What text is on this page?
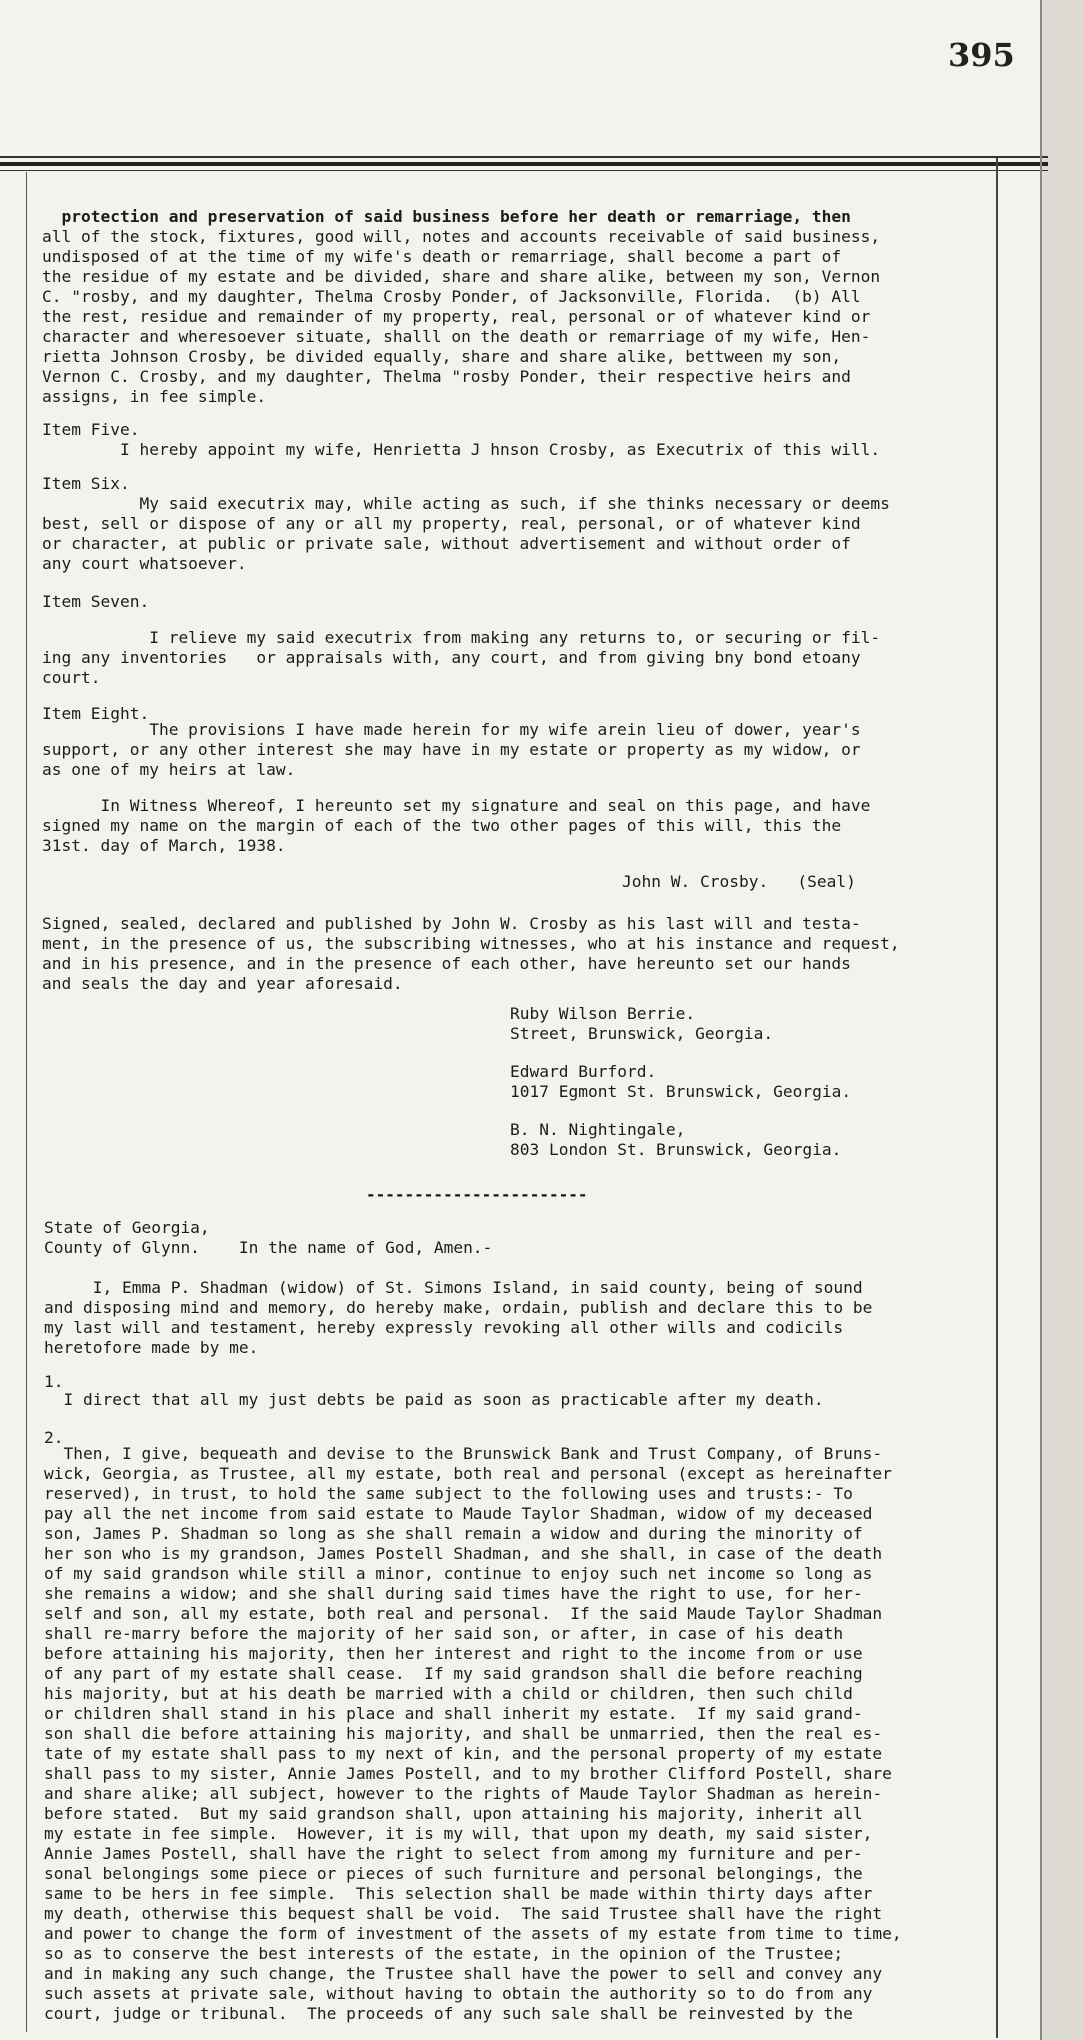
395
protection and preservation of said business before her death or remarriage, then
all of the stock, fixtures, good will, notes and accounts receivable of said business,
undisposed of at the time of my wife's death or remarriage, shall become a part of
the residue of my estate and be divided, share and share alike, between my son, Vernon
C. "rosby, and my daughter, Thelma Crosby Ponder, of Jacksonville, Florida.  (b) All
the rest, residue and remainder of my property, real, personal or of whatever kind or
character and wheresoever situate, shalll on the death or remarriage of my wife, Hen-
rietta Johnson Crosby, be divided equally, share and share alike, bettween my son,
Vernon C. Crosby, and my daughter, Thelma "rosby Ponder, their respective heirs and
assigns, in fee simple.
Item Five.
I hereby appoint my wife, Henrietta J hnson Crosby, as Executrix of this will.
Item Six.
My said executrix may, while acting as such, if she thinks necessary or deems
best, sell or dispose of any or all my property, real, personal, or of whatever kind
or character, at public or private sale, without advertisement and without order of
any court whatsoever.
Item Seven.
I relieve my said executrix from making any returns to, or securing or fil-
ing any inventories   or appraisals with, any court, and from giving bny bond etoany
court.
Item Eight.
The provisions I have made herein for my wife arein lieu of dower, year's
support, or any other interest she may have in my estate or property as my widow, or
as one of my heirs at law.
In Witness Whereof, I hereunto set my signature and seal on this page, and have
signed my name on the margin of each of the two other pages of this will, this the
31st. day of March, 1938.
John W. Crosby.   (Seal)
Signed, sealed, declared and published by John W. Crosby as his last will and testa-
ment, in the presence of us, the subscribing witnesses, who at his instance and request,
and in his presence, and in the presence of each other, have hereunto set our hands
and seals the day and year aforesaid.
Ruby Wilson Berrie.
Street, Brunswick, Georgia.
Edward Burford.
1017 Egmont St. Brunswick, Georgia.
B. N. Nightingale,
803 London St. Brunswick, Georgia.
State of Georgia,
County of Glynn.    In the name of God, Amen.-
I, Emma P. Shadman (widow) of St. Simons Island, in said county, being of sound
and disposing mind and memory, do hereby make, ordain, publish and declare this to be
my last will and testament, hereby expressly revoking all other wills and codicils
heretofore made by me.
1.
I direct that all my just debts be paid as soon as practicable after my death.
2.
Then, I give, bequeath and devise to the Brunswick Bank and Trust Company, of Bruns-
wick, Georgia, as Trustee, all my estate, both real and personal (except as hereinafter
reserved), in trust, to hold the same subject to the following uses and trusts:- To
pay all the net income from said estate to Maude Taylor Shadman, widow of my deceased
son, James P. Shadman so long as she shall remain a widow and during the minority of
her son who is my grandson, James Postell Shadman, and she shall, in case of the death
of my said grandson while still a minor, continue to enjoy such net income so long as
she remains a widow; and she shall during said times have the right to use, for her-
self and son, all my estate, both real and personal.  If the said Maude Taylor Shadman
shall re-marry before the majority of her said son, or after, in case of his death
before attaining his majority, then her interest and right to the income from or use
of any part of my estate shall cease.  If my said grandson shall die before reaching
his majority, but at his death be married with a child or children, then such child
or children shall stand in his place and shall inherit my estate.  If my said grand-
son shall die before attaining his majority, and shall be unmarried, then the real es-
tate of my estate shall pass to my next of kin, and the personal property of my estate
shall pass to my sister, Annie James Postell, and to my brother Clifford Postell, share
and share alike; all subject, however to the rights of Maude Taylor Shadman as herein-
before stated.  But my said grandson shall, upon attaining his majority, inherit all
my estate in fee simple.  However, it is my will, that upon my death, my said sister,
Annie James Postell, shall have the right to select from among my furniture and per-
sonal belongings some piece or pieces of such furniture and personal belongings, the
same to be hers in fee simple.  This selection shall be made within thirty days after
my death, otherwise this bequest shall be void.  The said Trustee shall have the right
and power to change the form of investment of the assets of my estate from time to time,
so as to conserve the best interests of the estate, in the opinion of the Trustee;
and in making any such change, the Trustee shall have the power to sell and convey any
such assets at private sale, without having to obtain the authority so to do from any
court, judge or tribunal.  The proceeds of any such sale shall be reinvested by the
-----------------------
